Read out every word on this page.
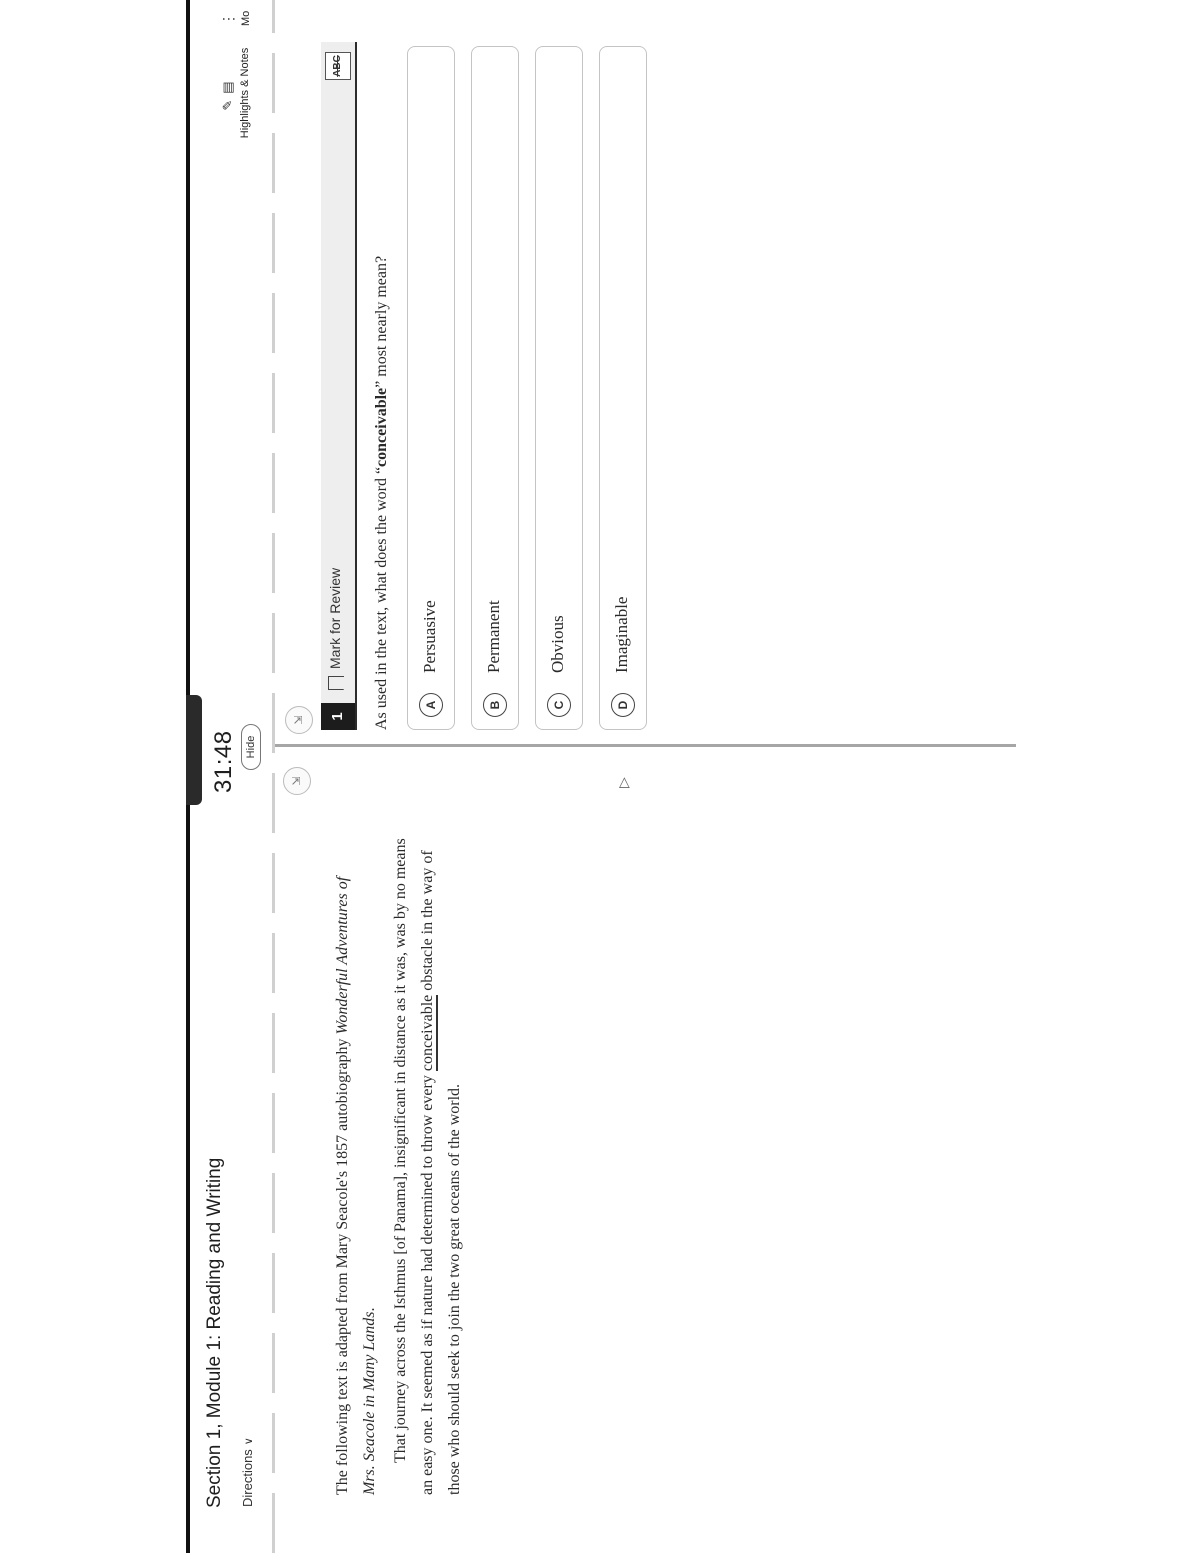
Section 1, Module 1: Reading and Writing Directions∨
31:48 Hide
✎▤ Highlights & Notes
⋮ Mo
⇲

The following text is adapted from Mary Seacole's 1857 autobiography Wonderful Adventures of Mrs. Seacole in Many Lands. That journey across the Isthmus [of Panama], insignificant in distance as it was, was by no means an easy one. It seemed as if nature had determined to throw every conceivable obstacle in the way of those who should seek to join the two great oceans of the world.

▷
⇲	1
Mark for Review
ABC

As used in the text, what does the word “conceivable” most nearly mean?

A
Persuasive
B
Permanent
C
Obvious
D
Imaginable
